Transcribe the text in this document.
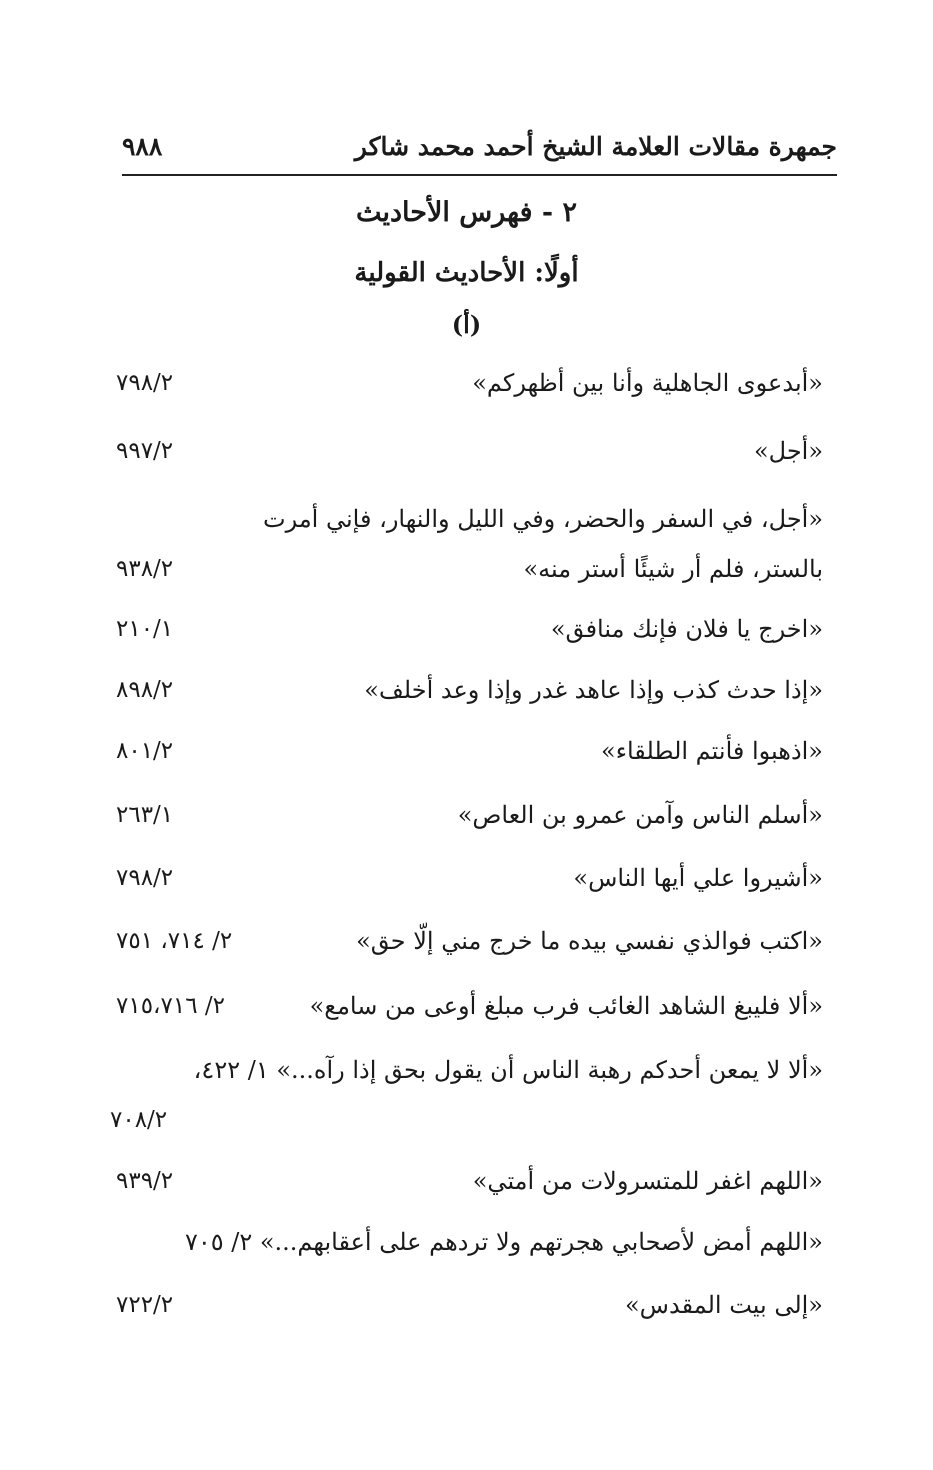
جمهرة مقالات العلامة الشيخ أحمد محمد شاكر
٩٨٨
٢ - فهرس الأحاديث
أولًا: الأحاديث القولية
(أ)
«أبدعوى الجاهلية وأنا بين أظهركم»
٧٩٨/٢
«أجل»
٩٩٧/٢
«أجل، في السفر والحضر، وفي الليل والنهار، فإني أمرت
بالستر، فلم أر شيئًا أستر منه»
٩٣٨/٢
«اخرج يا فلان فإنك منافق»
٢١٠/١
«إذا حدث كذب وإذا عاهد غدر وإذا وعد أخلف»
٨٩٨/٢
«اذهبوا فأنتم الطلقاء»
٨٠١/٢
«أسلم الناس وآمن عمرو بن العاص»
٢٦٣/١
«أشيروا علي أيها الناس»
٧٩٨/٢
«اكتب فوالذي نفسي بيده ما خرج مني إلّا حق»
٢/ ٧١٤، ٧٥١
«ألا فليبغ الشاهد الغائب فرب مبلغ أوعى من سامع»
٢/ ٧١٥،٧١٦
«ألا لا يمعن أحدكم رهبة الناس أن يقول بحق إذا رآه...» ١/ ٤٢٢،
٧٠٨/٢
«اللهم اغفر للمتسرولات من أمتي»
٩٣٩/٢
«اللهم أمض لأصحابي هجرتهم ولا تردهم على أعقابهم...» ٢/ ٧٠٥
«إلى بيت المقدس»
٧٢٢/٢
